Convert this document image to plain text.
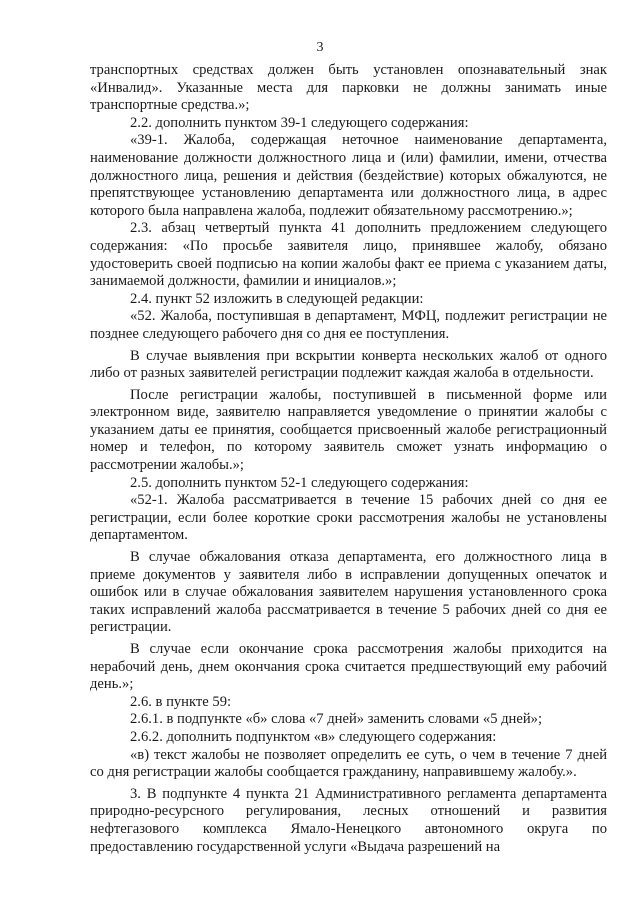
3

транспортных средствах должен быть установлен опознавательный знак «Инвалид». Указанные места для парковки не должны занимать иные транспортные средства.»;

2.2. дополнить пунктом 39-1 следующего содержания:

«39-1. Жалоба, содержащая неточное наименование департамента, наименование должности должностного лица и (или) фамилии, имени, отчества должностного лица, решения и действия (бездействие) которых обжалуются, не препятствующее установлению департамента или должностного лица, в адрес которого была направлена жалоба, подлежит обязательному рассмотрению.»;

2.3. абзац четвертый пункта 41 дополнить предложением следующего содержания: «По просьбе заявителя лицо, принявшее жалобу, обязано удостоверить своей подписью на копии жалобы факт ее приема с указанием даты, занимаемой должности, фамилии и инициалов.»;

2.4. пункт 52 изложить в следующей редакции:

«52. Жалоба, поступившая в департамент, МФЦ, подлежит регистрации не позднее следующего рабочего дня со дня ее поступления.

В случае выявления при вскрытии конверта нескольких жалоб от одного либо от разных заявителей регистрации подлежит каждая жалоба в отдельности.

После регистрации жалобы, поступившей в письменной форме или электронном виде, заявителю направляется уведомление о принятии жалобы с указанием даты ее принятия, сообщается присвоенный жалобе регистрационный номер и телефон, по которому заявитель сможет узнать информацию о рассмотрении жалобы.»;

2.5. дополнить пунктом 52-1 следующего содержания:

«52-1. Жалоба рассматривается в течение 15 рабочих дней со дня ее регистрации, если более короткие сроки рассмотрения жалобы не установлены департаментом.

В случае обжалования отказа департамента, его должностного лица в приеме документов у заявителя либо в исправлении допущенных опечаток и ошибок или в случае обжалования заявителем нарушения установленного срока таких исправлений жалоба рассматривается в течение 5 рабочих дней со дня ее регистрации.

В случае если окончание срока рассмотрения жалобы приходится на нерабочий день, днем окончания срока считается предшествующий ему рабочий день.»;

2.6. в пункте 59:

2.6.1. в подпункте «б» слова «7 дней» заменить словами «5 дней»;

2.6.2. дополнить подпунктом «в» следующего содержания:

«в) текст жалобы не позволяет определить ее суть, о чем в течение 7 дней со дня регистрации жалобы сообщается гражданину, направившему жалобу.».

3. В подпункте 4 пункта 21 Административного регламента департамента природно-ресурсного регулирования, лесных отношений и развития нефтегазового комплекса Ямало-Ненецкого автономного округа по предоставлению государственной услуги «Выдача разрешений на
